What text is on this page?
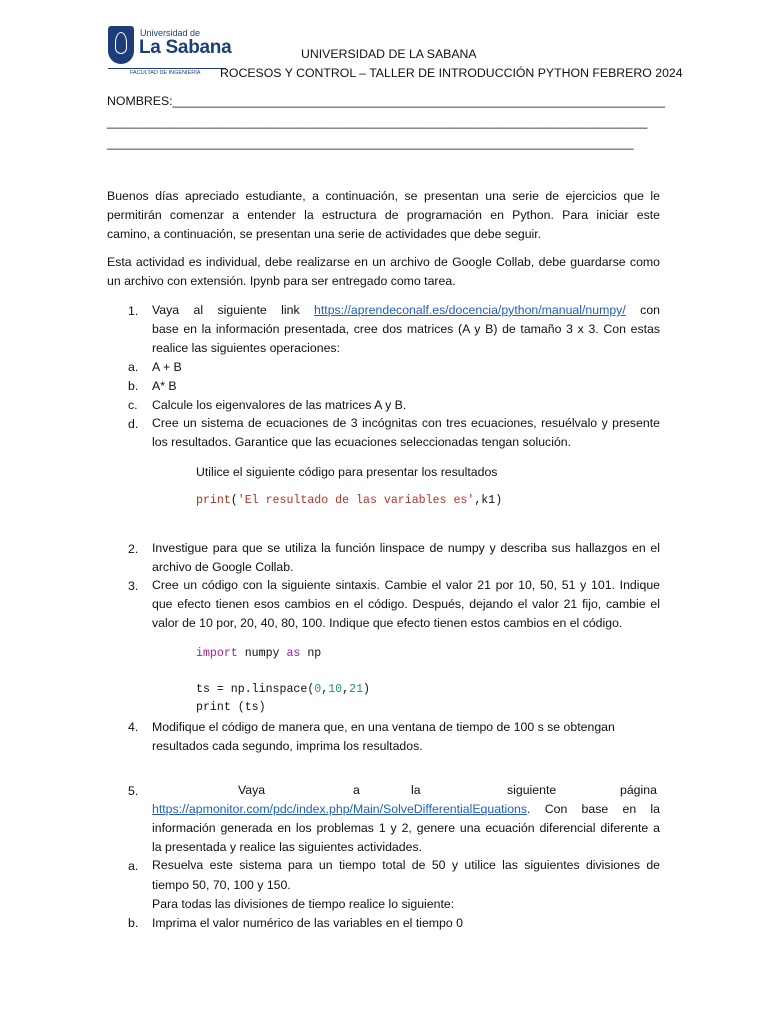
Universidad de
La Sabana
FACULTAD DE INGENIERÍA
UNIVERSIDAD DE LA SABANA
ROCESOS Y CONTROL – TALLER DE INTRODUCCIÓN PYTHON FEBRERO 2024
NOMBRES:________________________________________________________________________
_______________________________________________________________________________
_____________________________________________________________________________
Buenos días apreciado estudiante, a continuación, se presentan una serie de ejercicios que le
permitirán comenzar a entender la estructura de programación en Python. Para iniciar este
camino, a continuación, se presentan una serie de actividades que debe seguir.
Esta actividad es individual, debe realizarse en un archivo de Google Collab, debe guardarse como
un archivo con extensión. Ipynb para ser entregado como tarea.
1. Vaya al siguiente link https://aprendeconalf.es/docencia/python/manual/numpy/ con
base en la información presentada, cree dos matrices (A y B) de tamaño 3 x 3. Con estas
realice las siguientes operaciones:
a. A + B
b. A* B
c. Calcule los eigenvalores de las matrices A y B.
d. Cree un sistema de ecuaciones de 3 incógnitas con tres ecuaciones, resuélvalo y presente
los resultados. Garantice que las ecuaciones seleccionadas tengan solución.
Utilice el siguiente código para presentar los resultados
print('El resultado de las variables es',k1)
2. Investigue para que se utiliza la función linspace de numpy y describa sus hallazgos en el
archivo de Google Collab.
3. Cree un código con la siguiente sintaxis. Cambie el valor 21 por 10, 50, 51 y 101. Indique
que efecto tienen esos cambios en el código. Después, dejando el valor 21 fijo, cambie el
valor de 10 por, 20, 40, 80, 100. Indique que efecto tienen estos cambios en el código.
import numpy as np
ts = np.linspace(0,10,21)
print (ts)
4. Modifique el código de manera que, en una ventana de tiempo de 100 s se obtengan
resultados cada segundo, imprima los resultados.
5.	Vaya	a	la	siguiente	página
https://apmonitor.com/pdc/index.php/Main/SolveDifferentialEquations. Con base en la
información generada en los problemas 1 y 2, genere una ecuación diferencial diferente a
la presentada y realice las siguientes actividades.
a. Resuelva este sistema para un tiempo total de 50 y utilice las siguientes divisiones de
tiempo 50, 70, 100 y 150.
Para todas las divisiones de tiempo realice lo siguiente:
b. Imprima el valor numérico de las variables en el tiempo 0
